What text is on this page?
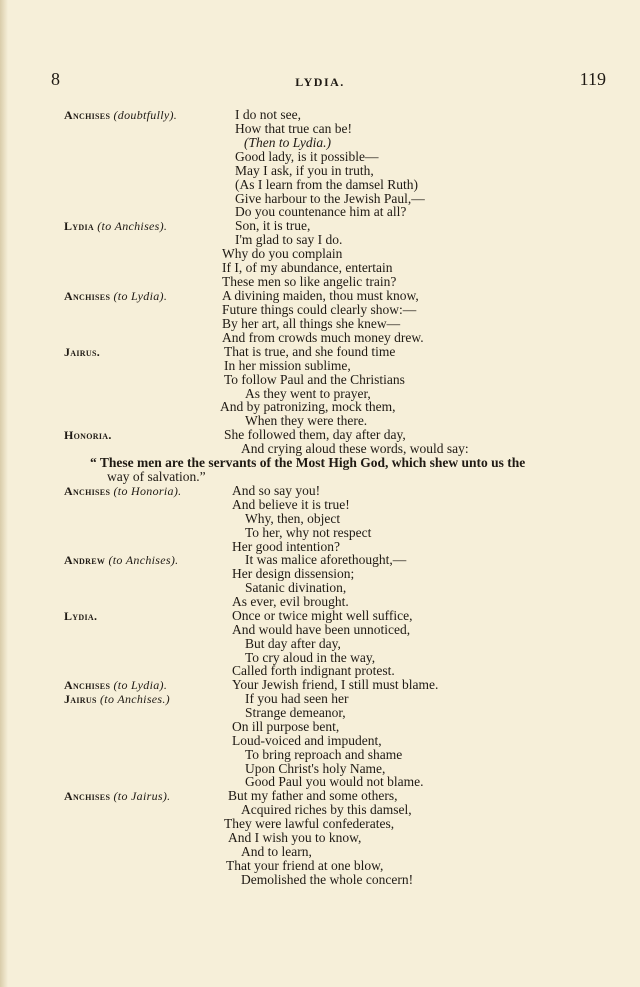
8	LYDIA.	119
Anchises (doubtfully).
Lydia (to Anchises).
Anchises (to Lydia).
Jairus.
Honoria.
Anchises (to Honoria).
Andrew (to Anchises).
Lydia.
Anchises (to Lydia).
Jairus (to Anchises.)
Anchises (to Jairus).
I do not see,
How that true can be!
(Then to Lydia.)
Good lady, is it possible—
May I ask, if you in truth,
(As I learn from the damsel Ruth)
Give harbour to the Jewish Paul,—
Do you countenance him at all?
Son, it is true,
I'm glad to say I do.
Why do you complain
If I, of my abundance, entertain
These men so like angelic train?
A divining maiden, thou must know,
Future things could clearly show:—
By her art, all things she knew—
And from crowds much money drew.
That is true, and she found time
In her mission sublime,
To follow Paul and the Christians
As they went to prayer,
And by patronizing, mock them,
When they were there.
She followed them, day after day,
And crying aloud these words, would say:
“ These men are the servants of the Most High God, which shew unto us the
way of salvation.”
And so say you!
And believe it is true!
Why, then, object
To her, why not respect
Her good intention?
It was malice aforethought,—
Her design dissension;
Satanic divination,
As ever, evil brought.
Once or twice might well suffice,
And would have been unnoticed,
But day after day,
To cry aloud in the way,
Called forth indignant protest.
Your Jewish friend, I still must blame.
If you had seen her
Strange demeanor,
On ill purpose bent,
Loud-voiced and impudent,
To bring reproach and shame
Upon Christ's holy Name,
Good Paul you would not blame.
But my father and some others,
Acquired riches by this damsel,
They were lawful confederates,
And I wish you to know,
And to learn,
That your friend at one blow,
Demolished the whole concern!
